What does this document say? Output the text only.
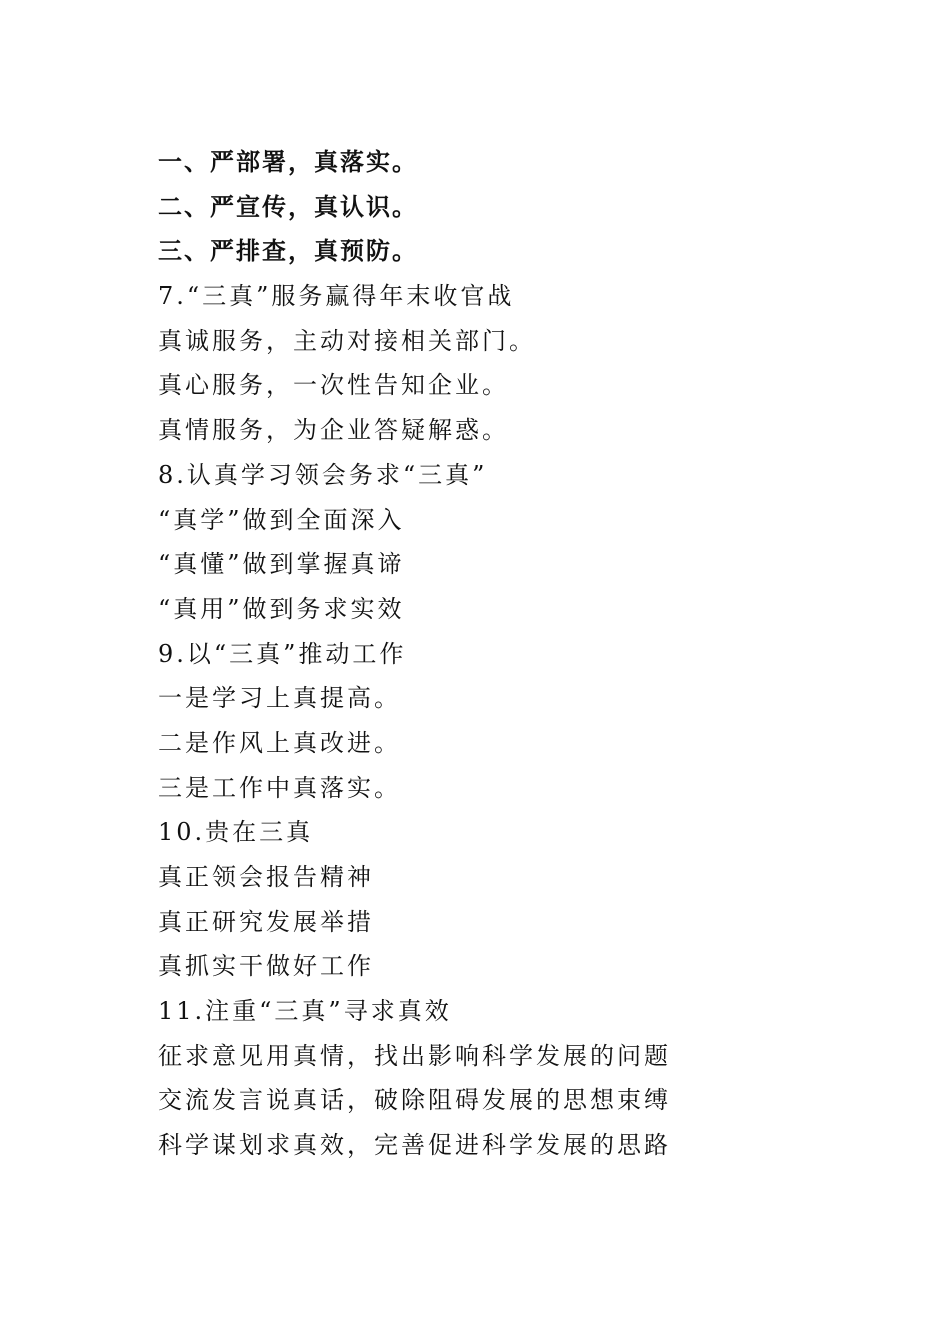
一、严部署，真落实。
二、严宣传，真认识。
三、严排查，真预防。
7.“三真”服务赢得年末收官战
真诚服务，主动对接相关部门。
真心服务，一次性告知企业。
真情服务，为企业答疑解惑。
8.认真学习领会务求“三真”
“真学”做到全面深入
“真懂”做到掌握真谛
“真用”做到务求实效
9.以“三真”推动工作
一是学习上真提高。
二是作风上真改进。
三是工作中真落实。
10.贵在三真
真正领会报告精神
真正研究发展举措
真抓实干做好工作
11.注重“三真”寻求真效
征求意见用真情，找出影响科学发展的问题
交流发言说真话，破除阻碍发展的思想束缚
科学谋划求真效，完善促进科学发展的思路
